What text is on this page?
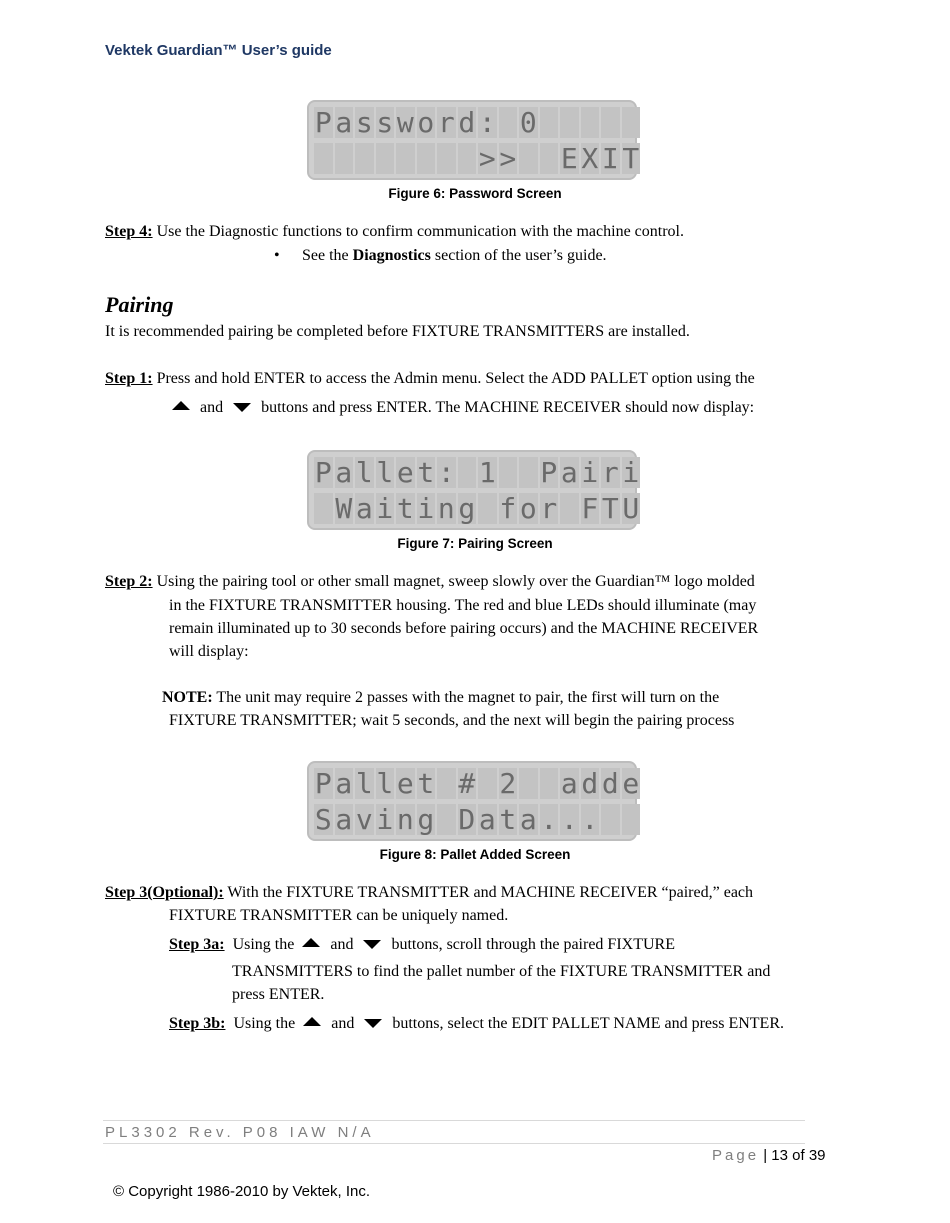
Vektek Guardian™ User’s guide
P a s s w o r d : 0
> > E X I T
Figure 6: Password Screen
Step 4: Use the Diagnostic functions to confirm communication with the machine control.
• See the Diagnostics section of the user’s guide.
Pairing
It is recommended pairing be completed before FIXTURE TRANSMITTERS are installed.
Step 1: Press and hold ENTER to access the Admin menu. Select the ADD PALLET option using the
and buttons and press ENTER. The MACHINE RECEIVER should now display:
P a l l e t : 1 P a i r i
W a i t i n g f o r F T U
Figure 7: Pairing Screen
Step 2: Using the pairing tool or other small magnet, sweep slowly over the Guardian™ logo molded
in the FIXTURE TRANSMITTER housing. The red and blue LEDs should illuminate (may
remain illuminated up to 30 seconds before pairing occurs) and the MACHINE RECEIVER
will display:
NOTE: The unit may require 2 passes with the magnet to pair, the first will turn on the
FIXTURE TRANSMITTER; wait 5 seconds, and the next will begin the pairing process
P a l l e t # 2 a d d e
S a v i n g D a t a . . .
Figure 8: Pallet Added Screen
Step 3(Optional): With the FIXTURE TRANSMITTER and MACHINE RECEIVER “paired,” each
FIXTURE TRANSMITTER can be uniquely named.
Step 3a: Using the and buttons, scroll through the paired FIXTURE
TRANSMITTERS to find the pallet number of the FIXTURE TRANSMITTER and
press ENTER.
Step 3b: Using the and buttons, select the EDIT PALLET NAME and press ENTER.
PL3302 Rev. P08 IAW N/A
Page | 13 of 39
© Copyright 1986-2010 by Vektek, Inc.
